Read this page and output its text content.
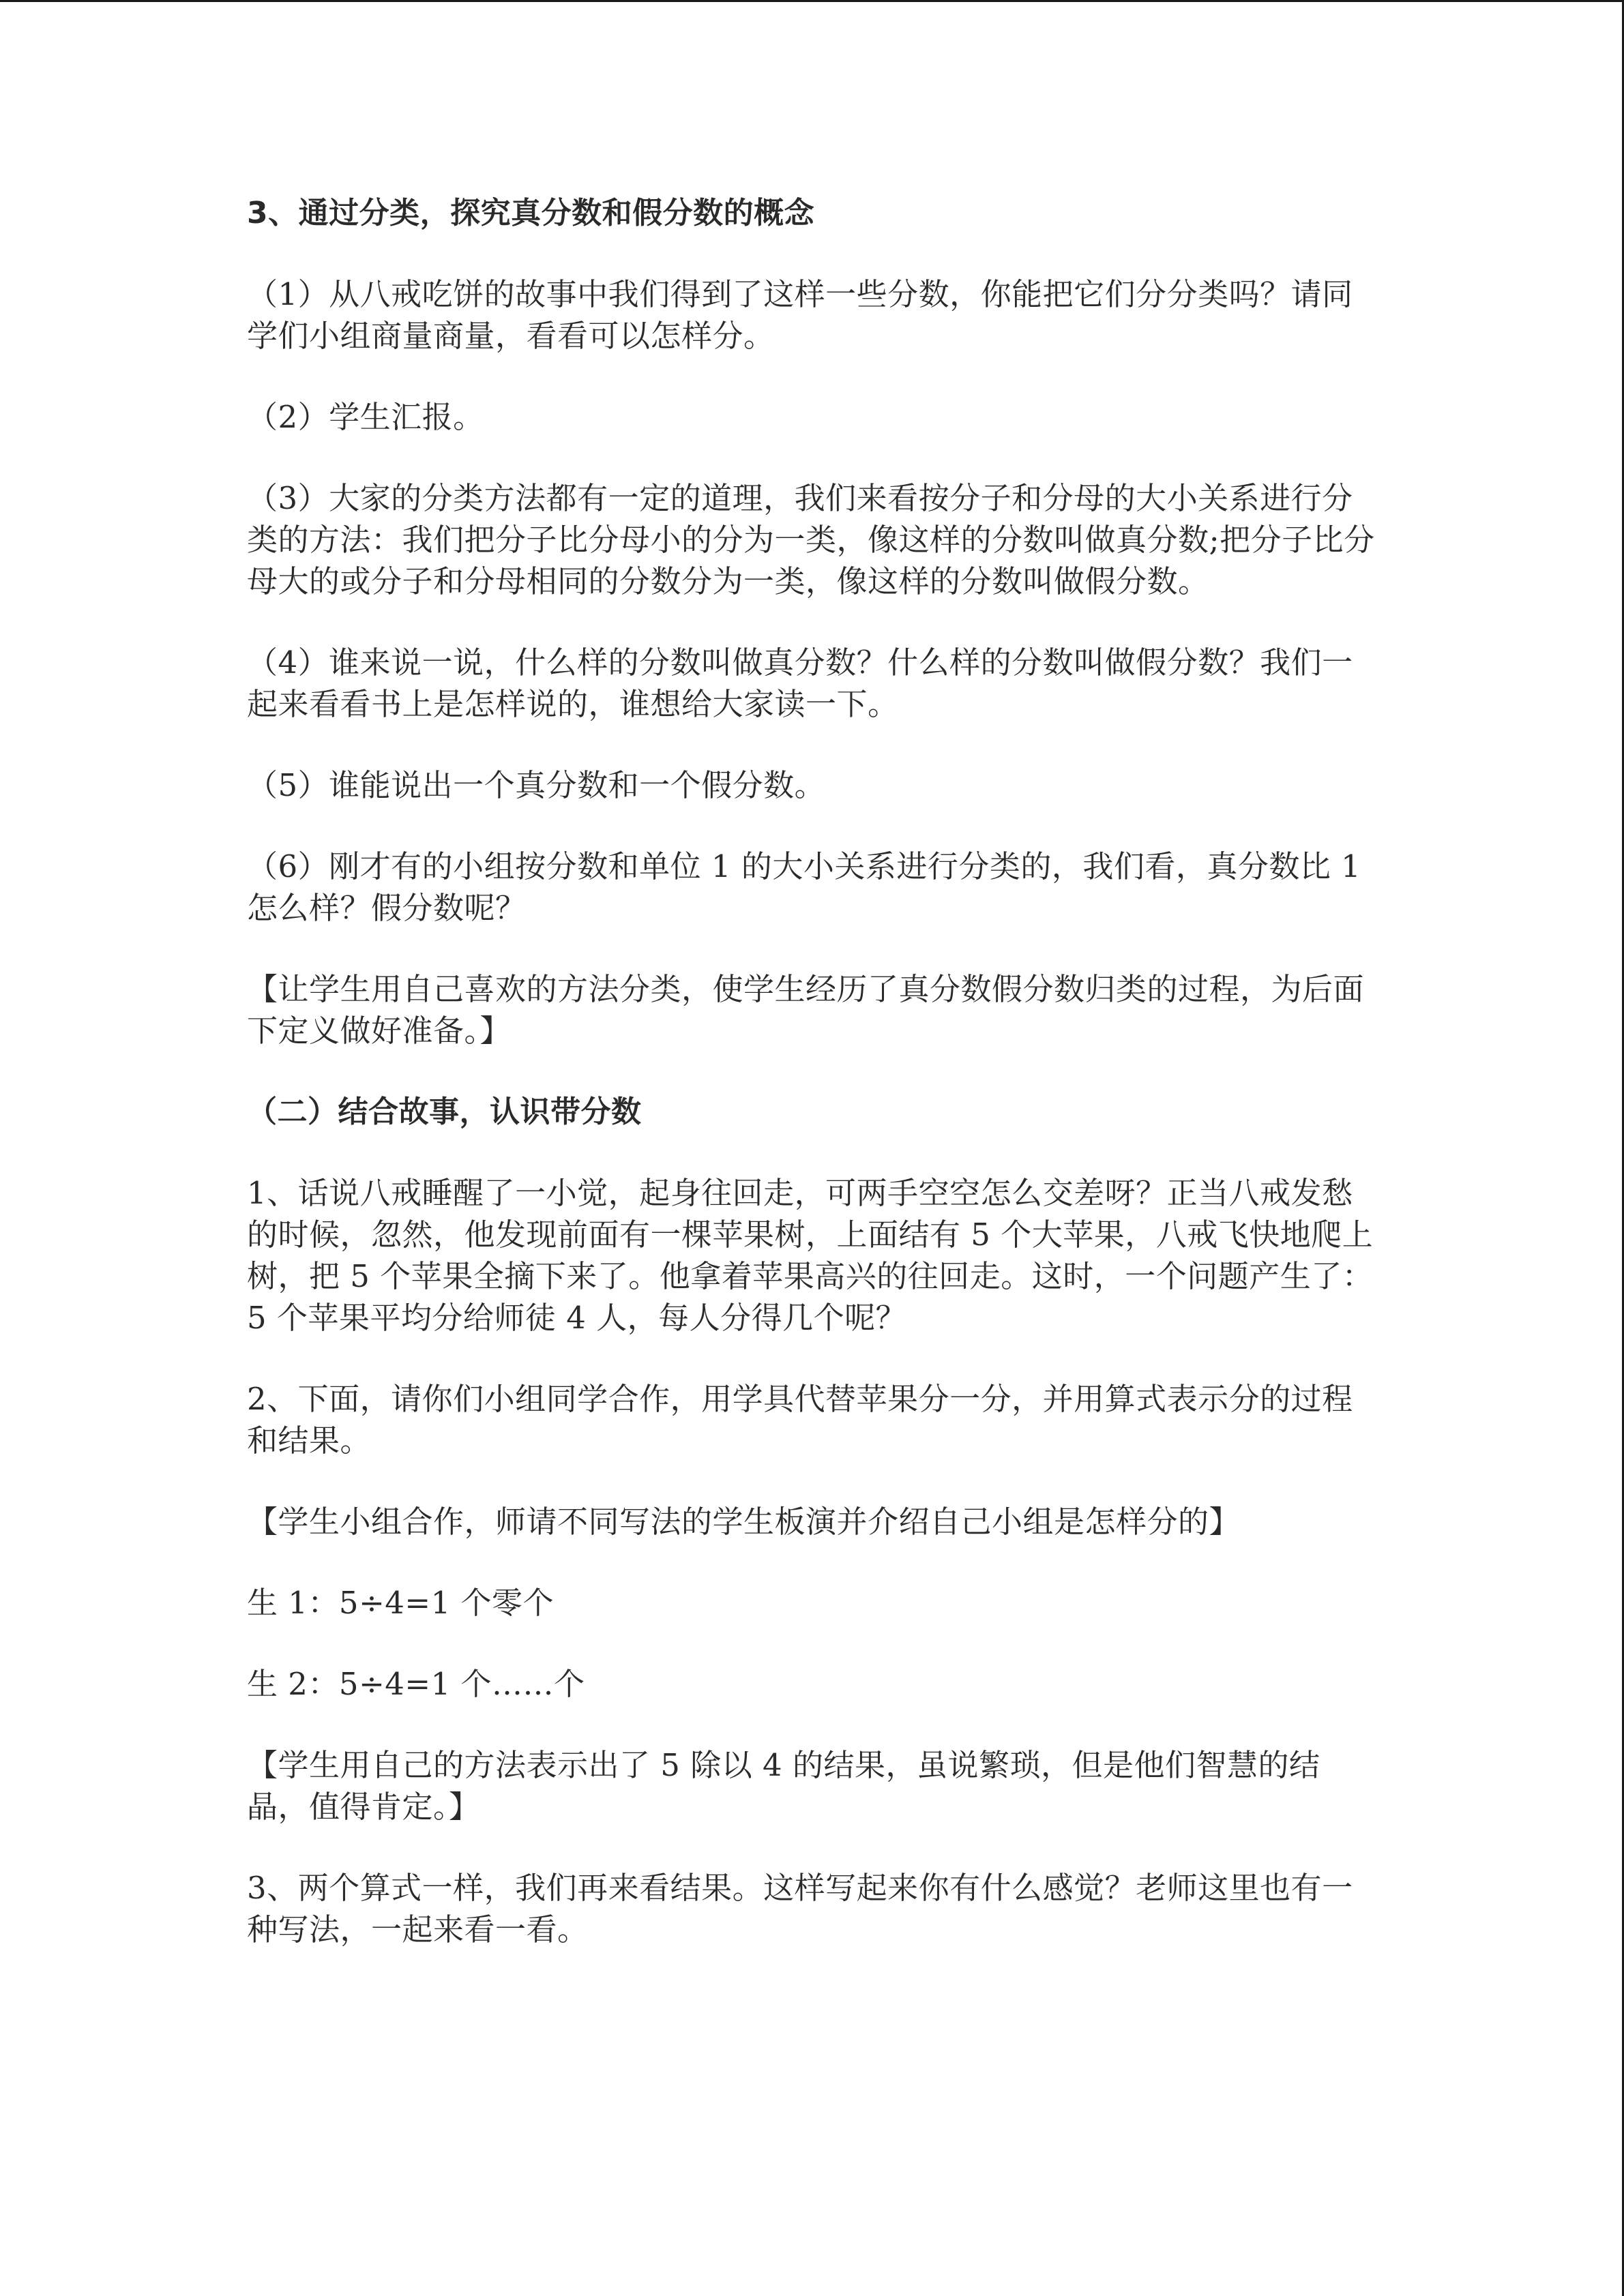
3、通过分类，探究真分数和假分数的概念

（1）从八戒吃饼的故事中我们得到了这样一些分数，你能把它们分分类吗？请同学们小组商量商量，看看可以怎样分。

（2）学生汇报。

（3）大家的分类方法都有一定的道理，我们来看按分子和分母的大小关系进行分类的方法：我们把分子比分母小的分为一类，像这样的分数叫做真分数;把分子比分母大的或分子和分母相同的分数分为一类，像这样的分数叫做假分数。

（4）谁来说一说，什么样的分数叫做真分数？什么样的分数叫做假分数？我们一起来看看书上是怎样说的，谁想给大家读一下。

（5）谁能说出一个真分数和一个假分数。

（6）刚才有的小组按分数和单位 1 的大小关系进行分类的，我们看，真分数比 1 怎么样？假分数呢？

【让学生用自己喜欢的方法分类，使学生经历了真分数假分数归类的过程，为后面下定义做好准备。】

（二）结合故事，认识带分数

1、话说八戒睡醒了一小觉，起身往回走，可两手空空怎么交差呀？正当八戒发愁的时候，忽然，他发现前面有一棵苹果树，上面结有 5 个大苹果，八戒飞快地爬上树，把 5 个苹果全摘下来了。他拿着苹果高兴的往回走。这时，一个问题产生了：5 个苹果平均分给师徒 4 人，每人分得几个呢？

2、下面，请你们小组同学合作，用学具代替苹果分一分，并用算式表示分的过程和结果。

【学生小组合作，师请不同写法的学生板演并介绍自己小组是怎样分的】

生 1：5÷4=1 个零个

生 2：5÷4=1 个……个

【学生用自己的方法表示出了 5 除以 4 的结果，虽说繁琐，但是他们智慧的结晶，值得肯定。】

3、两个算式一样，我们再来看结果。这样写起来你有什么感觉？老师这里也有一种写法，一起来看一看。
